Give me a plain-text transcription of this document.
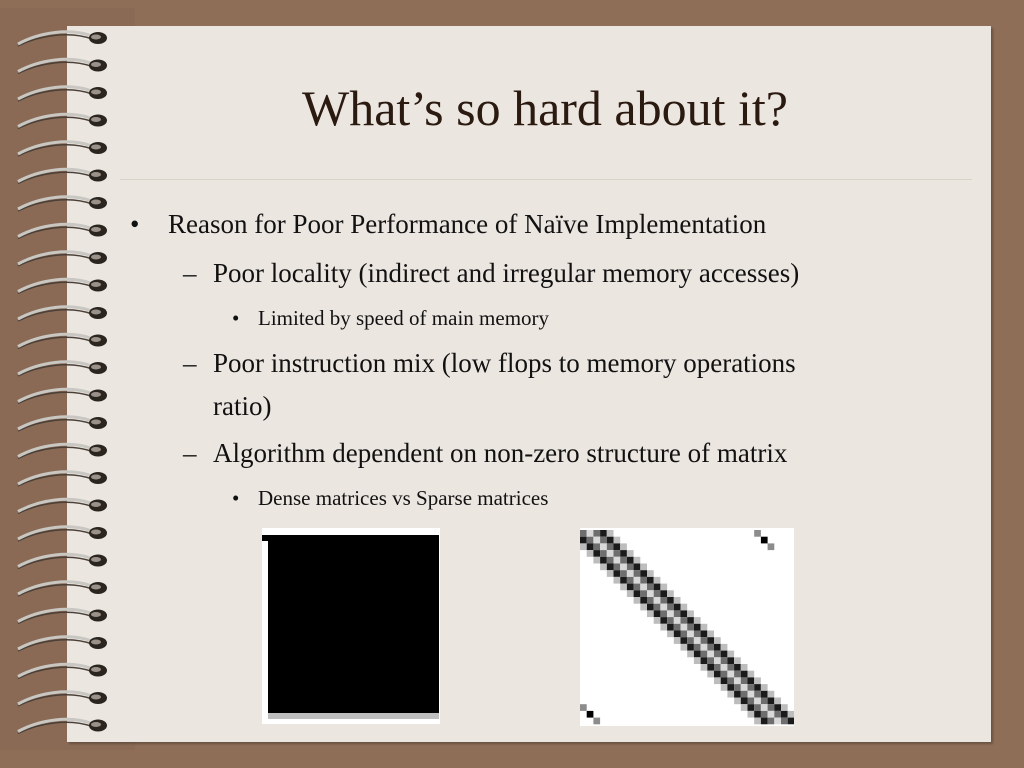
What’s so hard about it?
• Reason for Poor Performance of Naïve Implementation
– Poor locality (indirect and irregular memory accesses)
• Limited by speed of main memory
– Poor instruction mix (low flops to memory operations
ratio)
– Algorithm dependent on non-zero structure of matrix
• Dense matrices vs Sparse matrices
